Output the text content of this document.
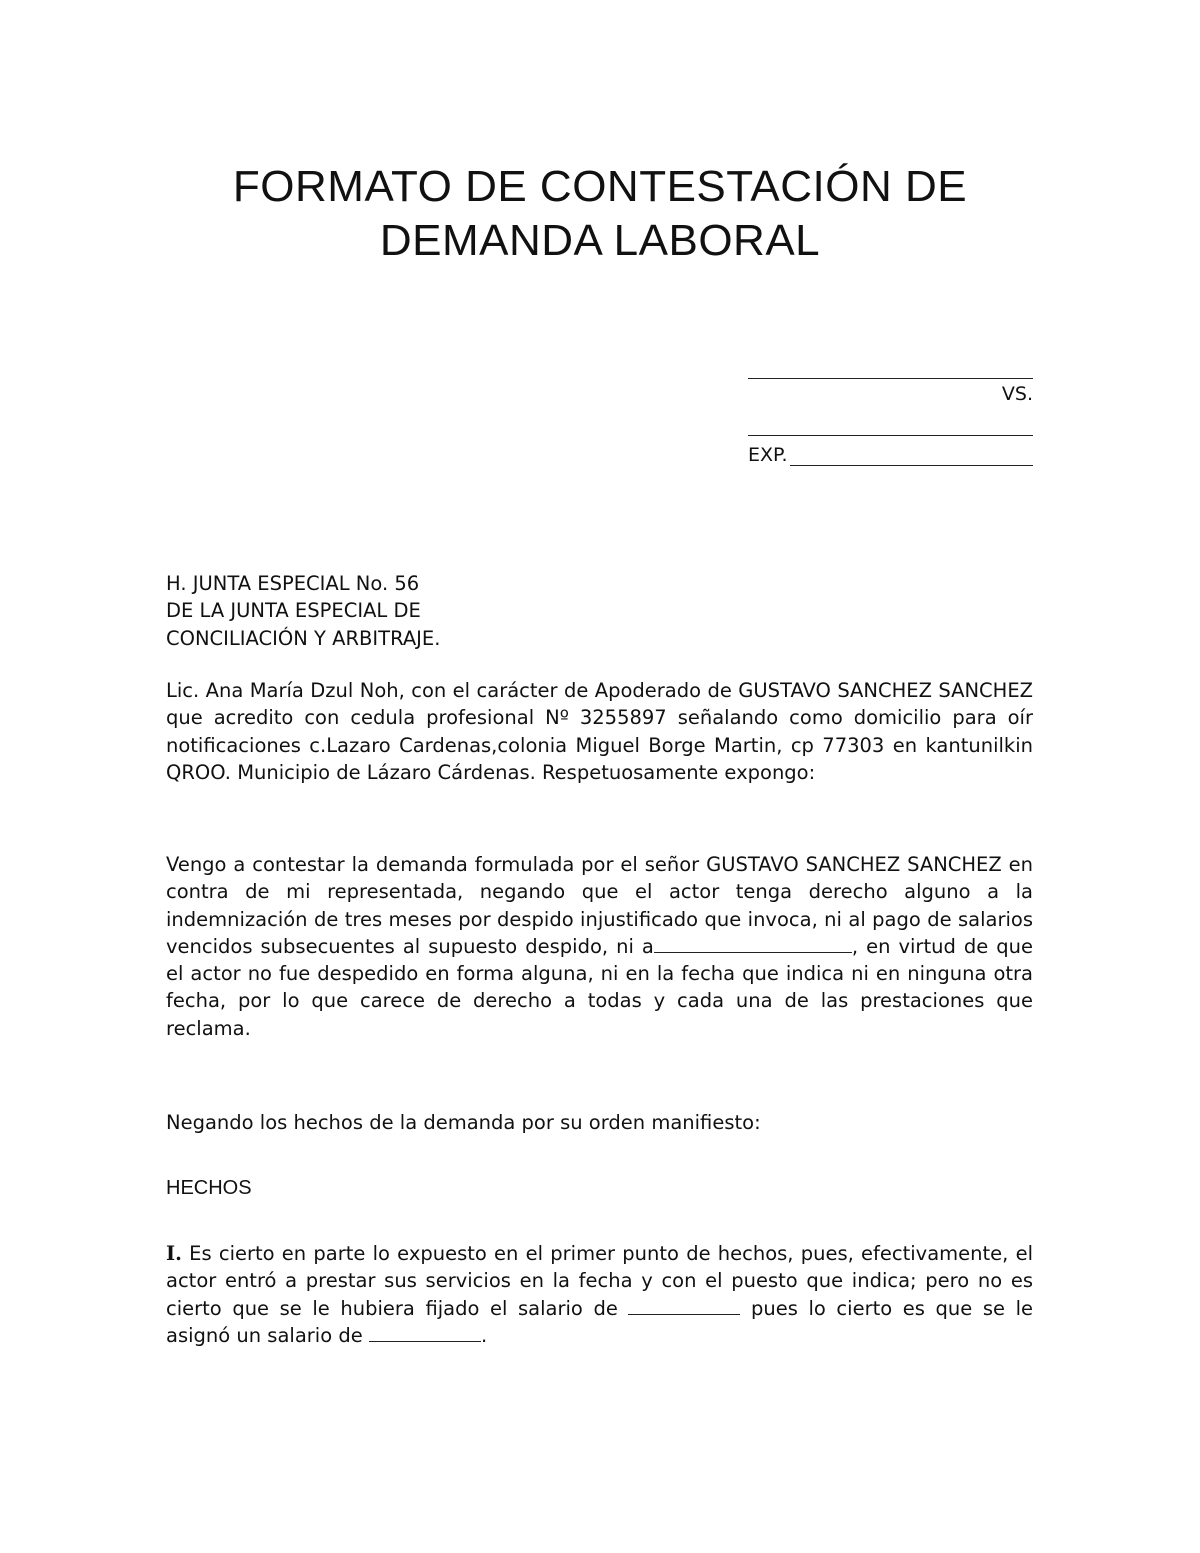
FORMATO DE CONTESTACIÓN DE
DEMANDA LABORAL
VS.
EXP.
H. JUNTA ESPECIAL No. 56
DE LA JUNTA ESPECIAL DE
CONCILIACIÓN Y ARBITRAJE.

Lic. Ana María Dzul Noh, con el carácter de Apoderado de GUSTAVO SANCHEZ SANCHEZ que acredito con cedula profesional Nº 3255897 señalando como domicilio para oír notificaciones c.Lazaro Cardenas,colonia Miguel Borge Martin, cp 77303 en kantunilkin QROO. Municipio de Lázaro Cárdenas. Respetuosamente expongo:

Vengo a contestar la demanda formulada por el señor GUSTAVO SANCHEZ SANCHEZ en contra de mi representada, negando que el actor tenga derecho alguno a la indemnización de tres meses por despido injustificado que invoca, ni al pago de salarios vencidos subsecuentes al supuesto despido, ni a	, en virtud de que el actor no fue despedido en forma alguna, ni en la fecha que indica ni en ninguna otra fecha, por lo que carece de derecho a todas y cada una de las prestaciones que reclama.

Negando los hechos de la demanda por su orden manifiesto:

HECHOS

I. Es cierto en parte lo expuesto en el primer punto de hechos, pues, efectivamente, el actor entró a prestar sus servicios en la fecha y con el puesto que indica; pero no es cierto que se le hubiera fijado el salario de	pues lo cierto es que se le asignó un salario de	.
